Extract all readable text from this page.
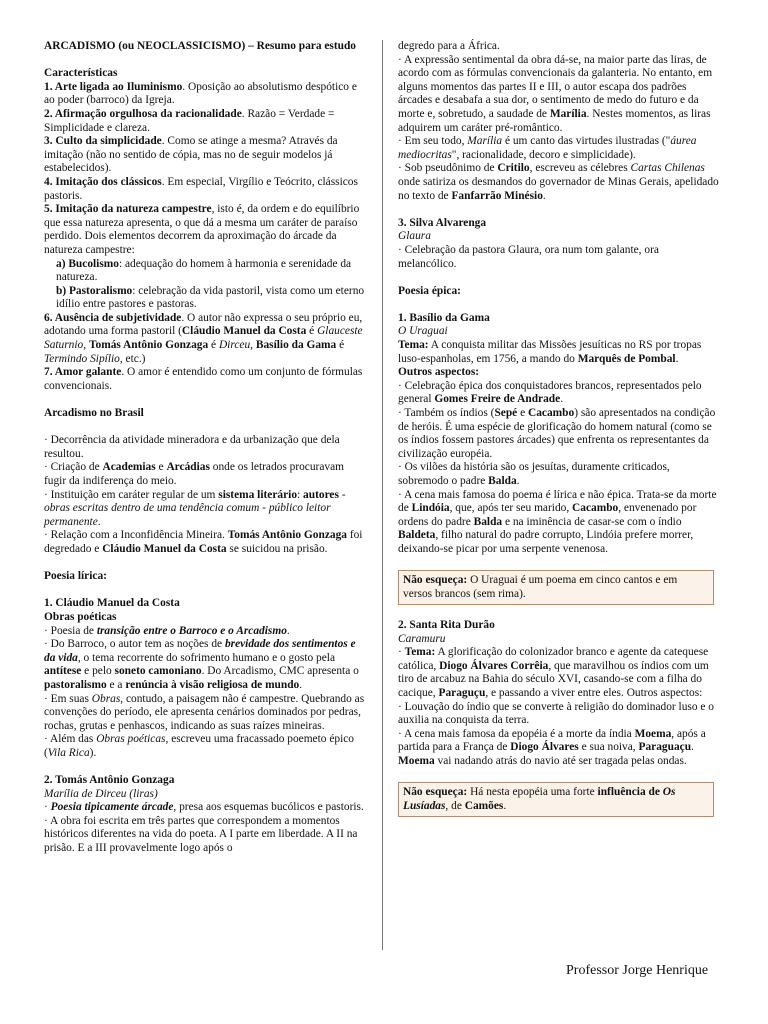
ARCADISMO (ou NEOCLASSICISMO) – Resumo para estudo

Características

1. Arte ligada ao Iluminismo. Oposição ao absolutismo despótico e ao poder (barroco) da Igreja.

2. Afirmação orgulhosa da racionalidade. Razão = Verdade = Simplicidade e clareza.

3. Culto da simplicidade. Como se atinge a mesma? Através da imitação (não no sentido de cópia, mas no de seguir modelos já estabelecidos).

4. Imitação dos clássicos. Em especial, Virgílio e Teócrito, clássicos pastoris.

5. Imitação da natureza campestre, isto é, da ordem e do equilíbrio que essa natureza apresenta, o que dá a mesma um caráter de paraíso perdido. Dois elementos decorrem da aproximação do árcade da natureza campestre:

a) Bucolismo: adequação do homem à harmonia e serenidade da natureza.

b) Pastoralismo: celebração da vida pastoril, vista como um eterno idílio entre pastores e pastoras.

6. Ausência de subjetividade. O autor não expressa o seu próprio eu, adotando uma forma pastoril (Cláudio Manuel da Costa é Glauceste Saturnio, Tomás Antônio Gonzaga é Dirceu, Basílio da Gama é Termindo Sipílio, etc.)

7. Amor galante. O amor é entendido como um conjunto de fórmulas convencionais.

Arcadismo no Brasil

· Decorrência da atividade mineradora e da urbanização que dela resultou.

· Criação de Academias e Arcádias onde os letrados procuravam fugir da indiferença do meio.

· Instituição em caráter regular de um sistema literário: autores - obras escritas dentro de uma tendência comum - público leitor permanente.

· Relação com a Inconfidência Mineira. Tomás Antônio Gonzaga foi degredado e Cláudio Manuel da Costa se suicidou na prisão.

Poesia lírica:

1. Cláudio Manuel da Costa

Obras poéticas

· Poesia de transição entre o Barroco e o Arcadismo.

· Do Barroco, o autor tem as noções de brevidade dos sentimentos e da vida, o tema recorrente do sofrimento humano e o gosto pela antítese e pelo soneto camoniano. Do Arcadismo, CMC apresenta o pastoralismo e a renúncia à visão religiosa de mundo.

· Em suas Obras, contudo, a paisagem não é campestre. Quebrando as convenções do período, ele apresenta cenários dominados por pedras, rochas, grutas e penhascos, indicando as suas raízes mineiras.

· Além das Obras poéticas, escreveu uma fracassado poemeto épico (Vila Rica).

2. Tomás Antônio Gonzaga

Marília de Dirceu (liras)

· Poesia tipicamente árcade, presa aos esquemas bucólicos e pastoris.

· A obra foi escrita em três partes que correspondem a momentos históricos diferentes na vida do poeta. A I parte em liberdade. A II na prisão. E a III provavelmente logo após o

degredo para a África.

· A expressão sentimental da obra dá-se, na maior parte das liras, de acordo com as fórmulas convencionais da galanteria. No entanto, em alguns momentos das partes II e III, o autor escapa dos padrões árcades e desabafa a sua dor, o sentimento de medo do futuro e da morte e, sobretudo, a saudade de Marília. Nestes momentos, as liras adquirem um caráter pré-romântico.

· Em seu todo, Marília é um canto das virtudes ilustradas ("áurea mediocritas", racionalidade, decoro e simplicidade).

· Sob pseudônimo de Critilo, escreveu as célebres Cartas Chilenas onde satiriza os desmandos do governador de Minas Gerais, apelidado no texto de Fanfarrão Minésio.

3. Silva Alvarenga

Glaura

· Celebração da pastora Glaura, ora num tom galante, ora melancólico.

Poesia épica:

1. Basílio da Gama

O Uraguai

Tema: A conquista militar das Missões jesuíticas no RS por tropas luso-espanholas, em 1756, a mando do Marquês de Pombal.

Outros aspectos:

· Celebração épica dos conquistadores brancos, representados pelo general Gomes Freire de Andrade.

· Também os índios (Sepé e Cacambo) são apresentados na condição de heróis. É uma espécie de glorificação do homem natural (como se os índios fossem pastores árcades) que enfrenta os representantes da civilização européia.

· Os vilões da história são os jesuítas, duramente criticados, sobremodo o padre Balda.

· A cena mais famosa do poema é lírica e não épica. Trata-se da morte de Lindóia, que, após ter seu marido, Cacambo, envenenado por ordens do padre Balda e na iminência de casar-se com o índio Baldeta, filho natural do padre corrupto, Lindóia prefere morrer, deixando-se picar por uma serpente venenosa.

Não esqueça: O Uraguai é um poema em cinco cantos e em versos brancos (sem rima).

2. Santa Rita Durão

Caramuru

· Tema: A glorificação do colonizador branco e agente da catequese católica, Diogo Álvares Corrêia, que maravilhou os índios com um tiro de arcabuz na Bahia do século XVI, casando-se com a filha do cacique, Paraguçu, e passando a viver entre eles. Outros aspectos:

· Louvação do índio que se converte à religião do dominador luso e o auxilia na conquista da terra.

· A cena mais famosa da epopéia é a morte da índia Moema, após a partida para a França de Diogo Álvares e sua noiva, Paraguaçu. Moema vai nadando atrás do navio até ser tragada pelas ondas.

Não esqueça: Há nesta epopéia uma forte influência de Os Lusíadas, de Camões.
Professor Jorge Henrique
